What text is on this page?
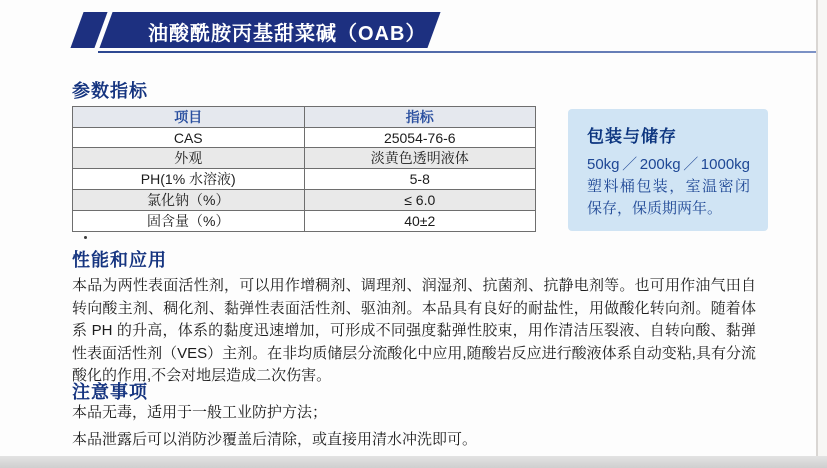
油酸酰胺丙基甜菜碱（OAB）
参数指标
项目	指标
CAS	25054-76-6
外观	淡黄色透明液体
PH(1% 水溶液)	5-8
氯化钠（%）	≤ 6.0
固含量（%）	40±2
包装与储存
50kg／200kg／1000kg 塑料桶包装，室温密闭保存，保质期两年。
性能和应用
本品为两性表面活性剂，可以用作增稠剂、调理剂、润湿剂、抗菌剂、抗静电剂等。也可用作油气田自转向酸主剂、稠化剂、黏弹性表面活性剂、驱油剂。本品具有良好的耐盐性，用做酸化转向剂。随着体系 PH 的升高，体系的黏度迅速增加，可形成不同强度黏弹性胶束，用作清洁压裂液、自转向酸、黏弹性表面活性剂（VES）主剂。在非均质储层分流酸化中应用,随酸岩反应进行酸液体系自动变粘,具有分流酸化的作用,不会对地层造成二次伤害。
注意事项
本品无毒，适用于一般工业防护方法；
本品泄露后可以消防沙覆盖后清除，或直接用清水冲洗即可。
